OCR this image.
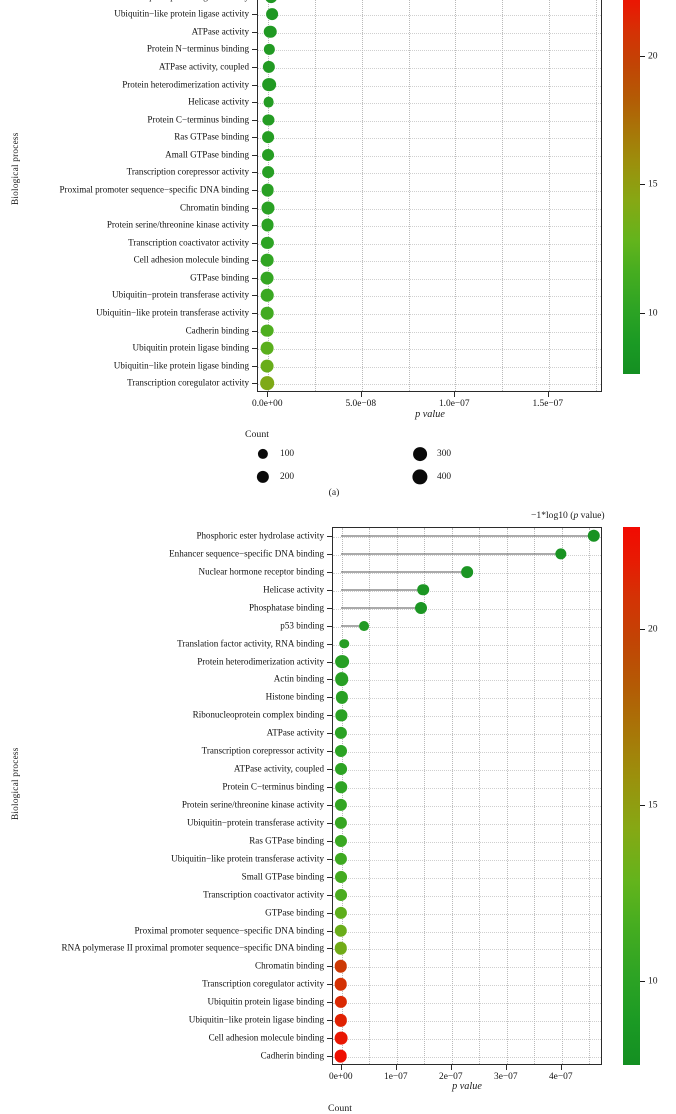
Biological process
Ubiquitin−like protein ligase activity
ATPase activity
Protein N−terminus binding
ATPase activity, coupled
Protein heterodimerization activity
Helicase activity
Protein C−terminus binding
Ras GTPase binding
Amall GTPase binding
Transcription corepressor activity
Proximal promoter sequence−specific DNA binding
Chromatin binding
Protein serine/threonine kinase activity
Transcription coactivator activity
Cell adhesion molecule binding
GTPase binding
Ubiquitin−protein transferase activity
Ubiquitin−like protein transferase activity
Cadherin binding
Ubiquitin protein ligase binding
Ubiquitin−like protein ligase binding
Transcription coregulator activity
0.0e+00	5.0e−08	1.0e−07	1.5e−07
p value
10
15
20
Count
100
200
300
400
(a)
−1*log10 (p value)
Biological process
Phosphoric ester hydrolase activity
Enhancer sequence−specific DNA binding
Nuclear hormone receptor binding
Helicase activity
Phosphatase binding
p53 binding
Translation factor activity, RNA binding
Protein heterodimerization activity
Actin binding
Histone binding
Ribonucleoprotein complex binding
ATPase activity
Transcription corepressor activity
ATPase activity, coupled
Protein C−terminus binding
Protein serine/threonine kinase activity
Ubiquitin−protein transferase activity
Ras GTPase binding
Ubiquitin−like protein transferase activity
Small GTPase binding
Transcription coactivator activity
GTPase binding
Proximal promoter sequence−specific DNA binding
RNA polymerase II proximal promoter sequence−specific DNA binding
Chromatin binding
Transcription coregulator activity
Ubiquitin protein ligase binding
Ubiquitin−like protein ligase binding
Cell adhesion molecule binding
Cadherin binding
0e+00	1e−07	2e−07	3e−07	4e−07
p value
10
15
20
Count
